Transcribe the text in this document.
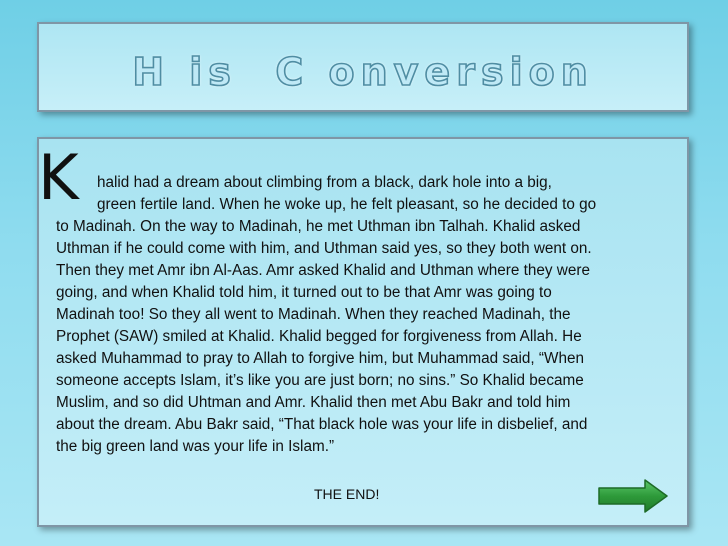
H is  C onversion
K halid had a dream about climbing from a black, dark hole into a big,
green fertile land. When he woke up, he felt pleasant, so he decided to go
to Madinah. On the way to Madinah, he met Uthman ibn Talhah. Khalid asked
Uthman if he could come with him, and Uthman said yes, so they both went on.
Then they met Amr ibn Al-Aas. Amr asked Khalid and Uthman where they were
going, and when Khalid told him, it turned out to be that Amr was going to
Madinah too! So they all went to Madinah. When they reached Madinah, the
Prophet (SAW) smiled at Khalid. Khalid begged for forgiveness from Allah. He
asked Muhammad to pray to Allah to forgive him, but Muhammad said, “When
someone accepts Islam, it’s like you are just born; no sins.” So Khalid became
Muslim, and so did Uhtman and Amr. Khalid then met Abu Bakr and told him
about the dream. Abu Bakr said, “That black hole was your life in disbelief, and
the big green land was your life in Islam.”
THE END!
